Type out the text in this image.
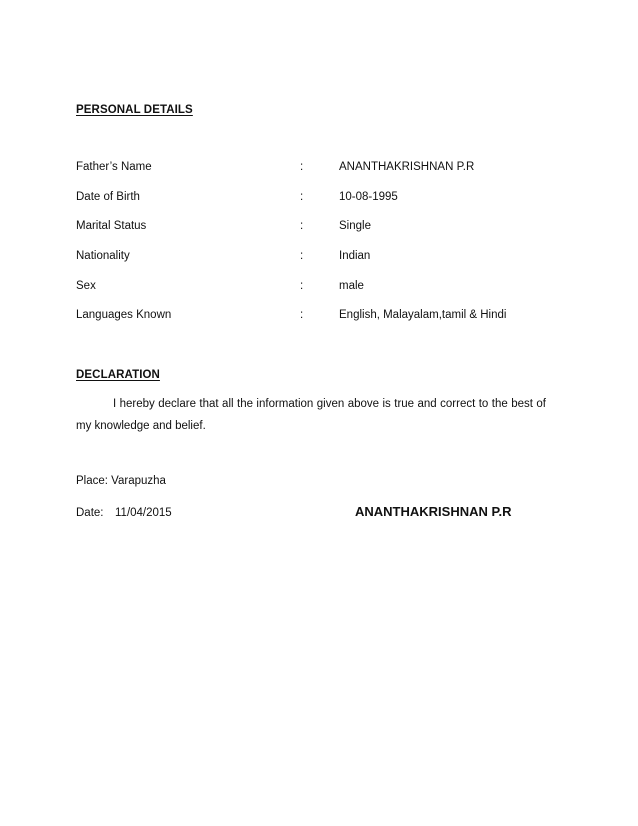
PERSONAL DETAILS
Father’s Name	:	ANANTHAKRISHNAN P.R
Date of Birth	:	10-08-1995
Marital Status	:	Single
Nationality	:	Indian
Sex	:	male
Languages Known	:	English, Malayalam,tamil & Hindi
DECLARATION
I hereby declare that all the information given above is true and correct to the best of my knowledge and belief.
Place: Varapuzha
Date: 11/04/2015	ANANTHAKRISHNAN P.R
